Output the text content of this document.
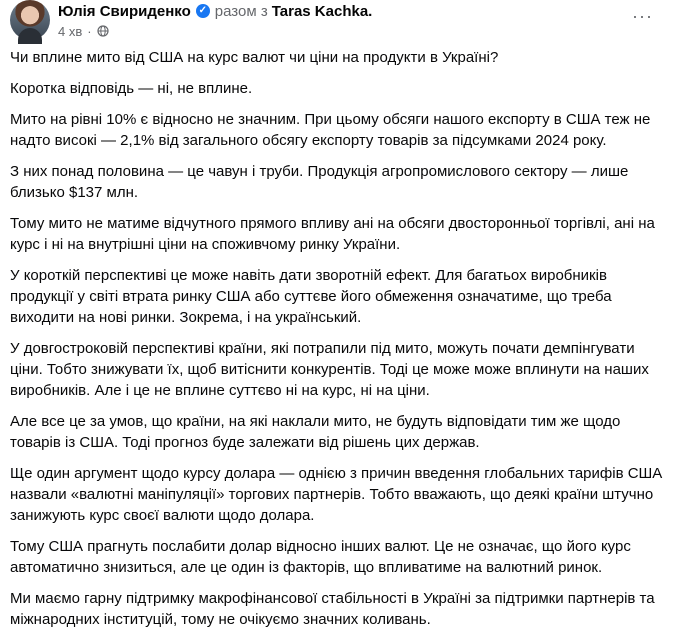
Юлія Свириденко ✓ разом з Taras Kachka .
4 хв ·
···

Чи вплине мито від США на курс валют чи ціни на продукти в Україні?

Коротка відповідь — ні, не вплине.

Мито на рівні 10% є відносно не значним. При цьому обсяги нашого експорту в США теж не надто високі — 2,1% від загального обсягу експорту товарів за підсумками 2024 року.

З них понад половина — це чавун і труби. Продукція агропромислового сектору — лише близько $137 млн.

Тому мито не матиме відчутного прямого впливу ані на обсяги двосторонньої торгівлі, ані на курс і ні на внутрішні ціни на споживчому ринку України.

У короткій перспективі це може навіть дати зворотній ефект. Для багатьох виробників продукції у світі втрата ринку США або суттєве його обмеження означатиме, що треба виходити на нові ринки. Зокрема, і на український.

У довгостроковій перспективі країни, які потрапили під мито, можуть почати демпінгувати ціни. Тобто знижувати їх, щоб витіснити конкурентів. Тоді це може може вплинути на наших виробників. Але і це не вплине суттєво ні на курс, ні на ціни.

Але все це за умов, що країни, на які наклали мито, не будуть відповідати тим же щодо товарів із США. Тоді прогноз буде залежати від рішень цих держав.

Ще один аргумент щодо курсу долара — однією з причин введення глобальних тарифів США назвали «валютні маніпуляції» торгових партнерів. Тобто вважають, що деякі країни штучно занижують курс своєї валюти щодо долара.

Тому США прагнуть послабити долар відносно інших валют. Це не означає, що його курс автоматично знизиться, але це один із факторів, що впливатиме на валютний ринок.

Ми маємо гарну підтримку макрофінансової стабільності в Україні за підтримки партнерів та міжнародних інституцій, тому не очікуємо значних коливань.
